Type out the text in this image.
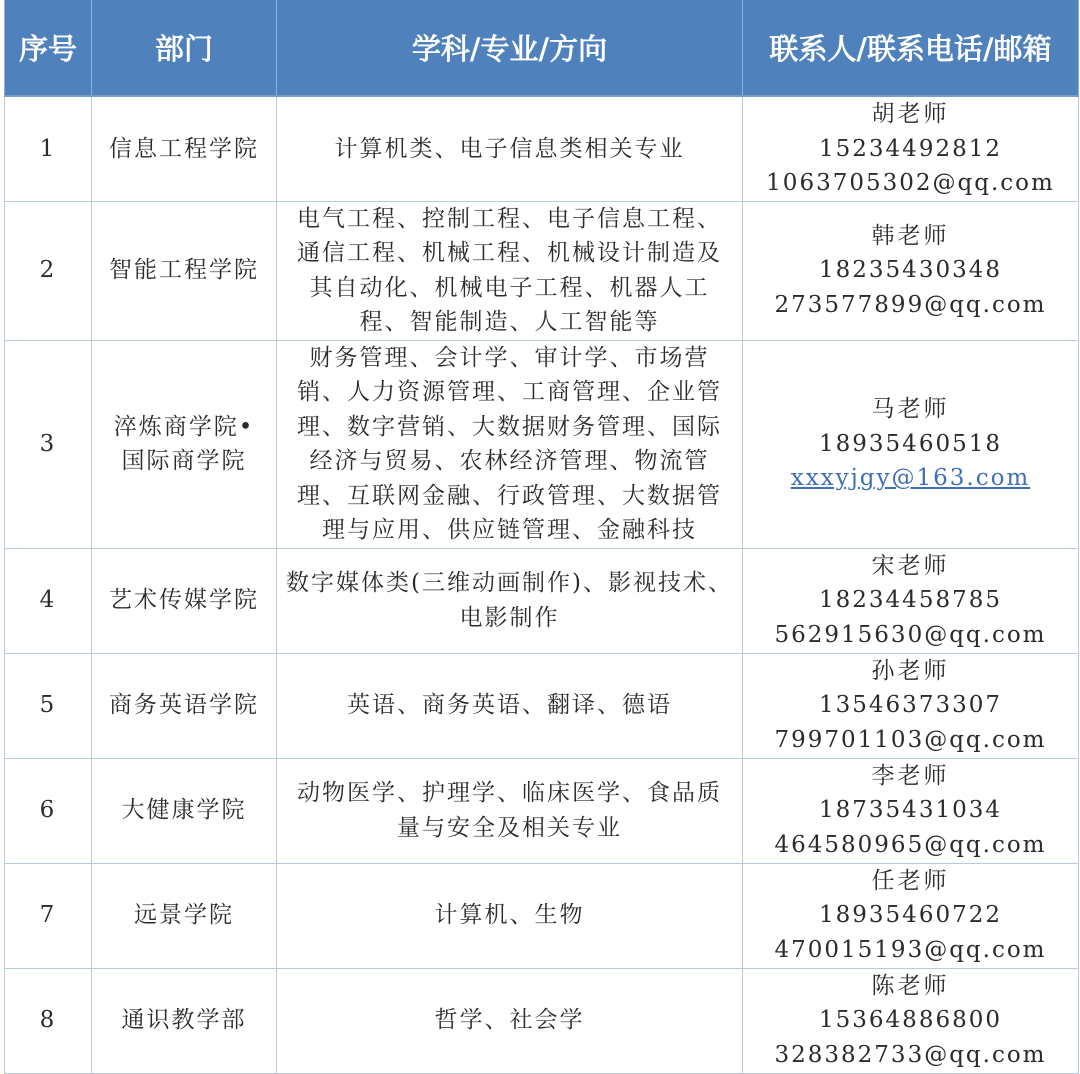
序号	部门	学科/专业/方向	联系人/联系电话/邮箱
1	信息工程学院	计算机类、电子信息类相关专业	胡老师
15234492812
1063705302@qq.com

2	智能工程学院	电气工程、控制工程、电子信息工程、通信工程、机械工程、机械设计制造及其自动化、机械电子工程、机器人工程、智能制造、人工智能等	韩老师
18235430348
273577899@qq.com

3	淬炼商学院•
国际商学院	财务管理、会计学、审计学、市场营销、人力资源管理、工商管理、企业管理、数字营销、大数据财务管理、国际经济与贸易、农林经济管理、物流管理、互联网金融、行政管理、大数据管理与应用、供应链管理、金融科技	马老师
18935460518
xxxyjgy@163.com

4	艺术传媒学院	数字媒体类(三维动画制作)、影视技术、电影制作	宋老师
18234458785
562915630@qq.com

5	商务英语学院	英语、商务英语、翻译、德语	孙老师
13546373307
799701103@qq.com

6	大健康学院	动物医学、护理学、临床医学、食品质量与安全及相关专业	李老师
18735431034
464580965@qq.com

7	远景学院	计算机、生物	任老师
18935460722
470015193@qq.com

8	通识教学部	哲学、社会学	陈老师
15364886800
328382733@qq.com
